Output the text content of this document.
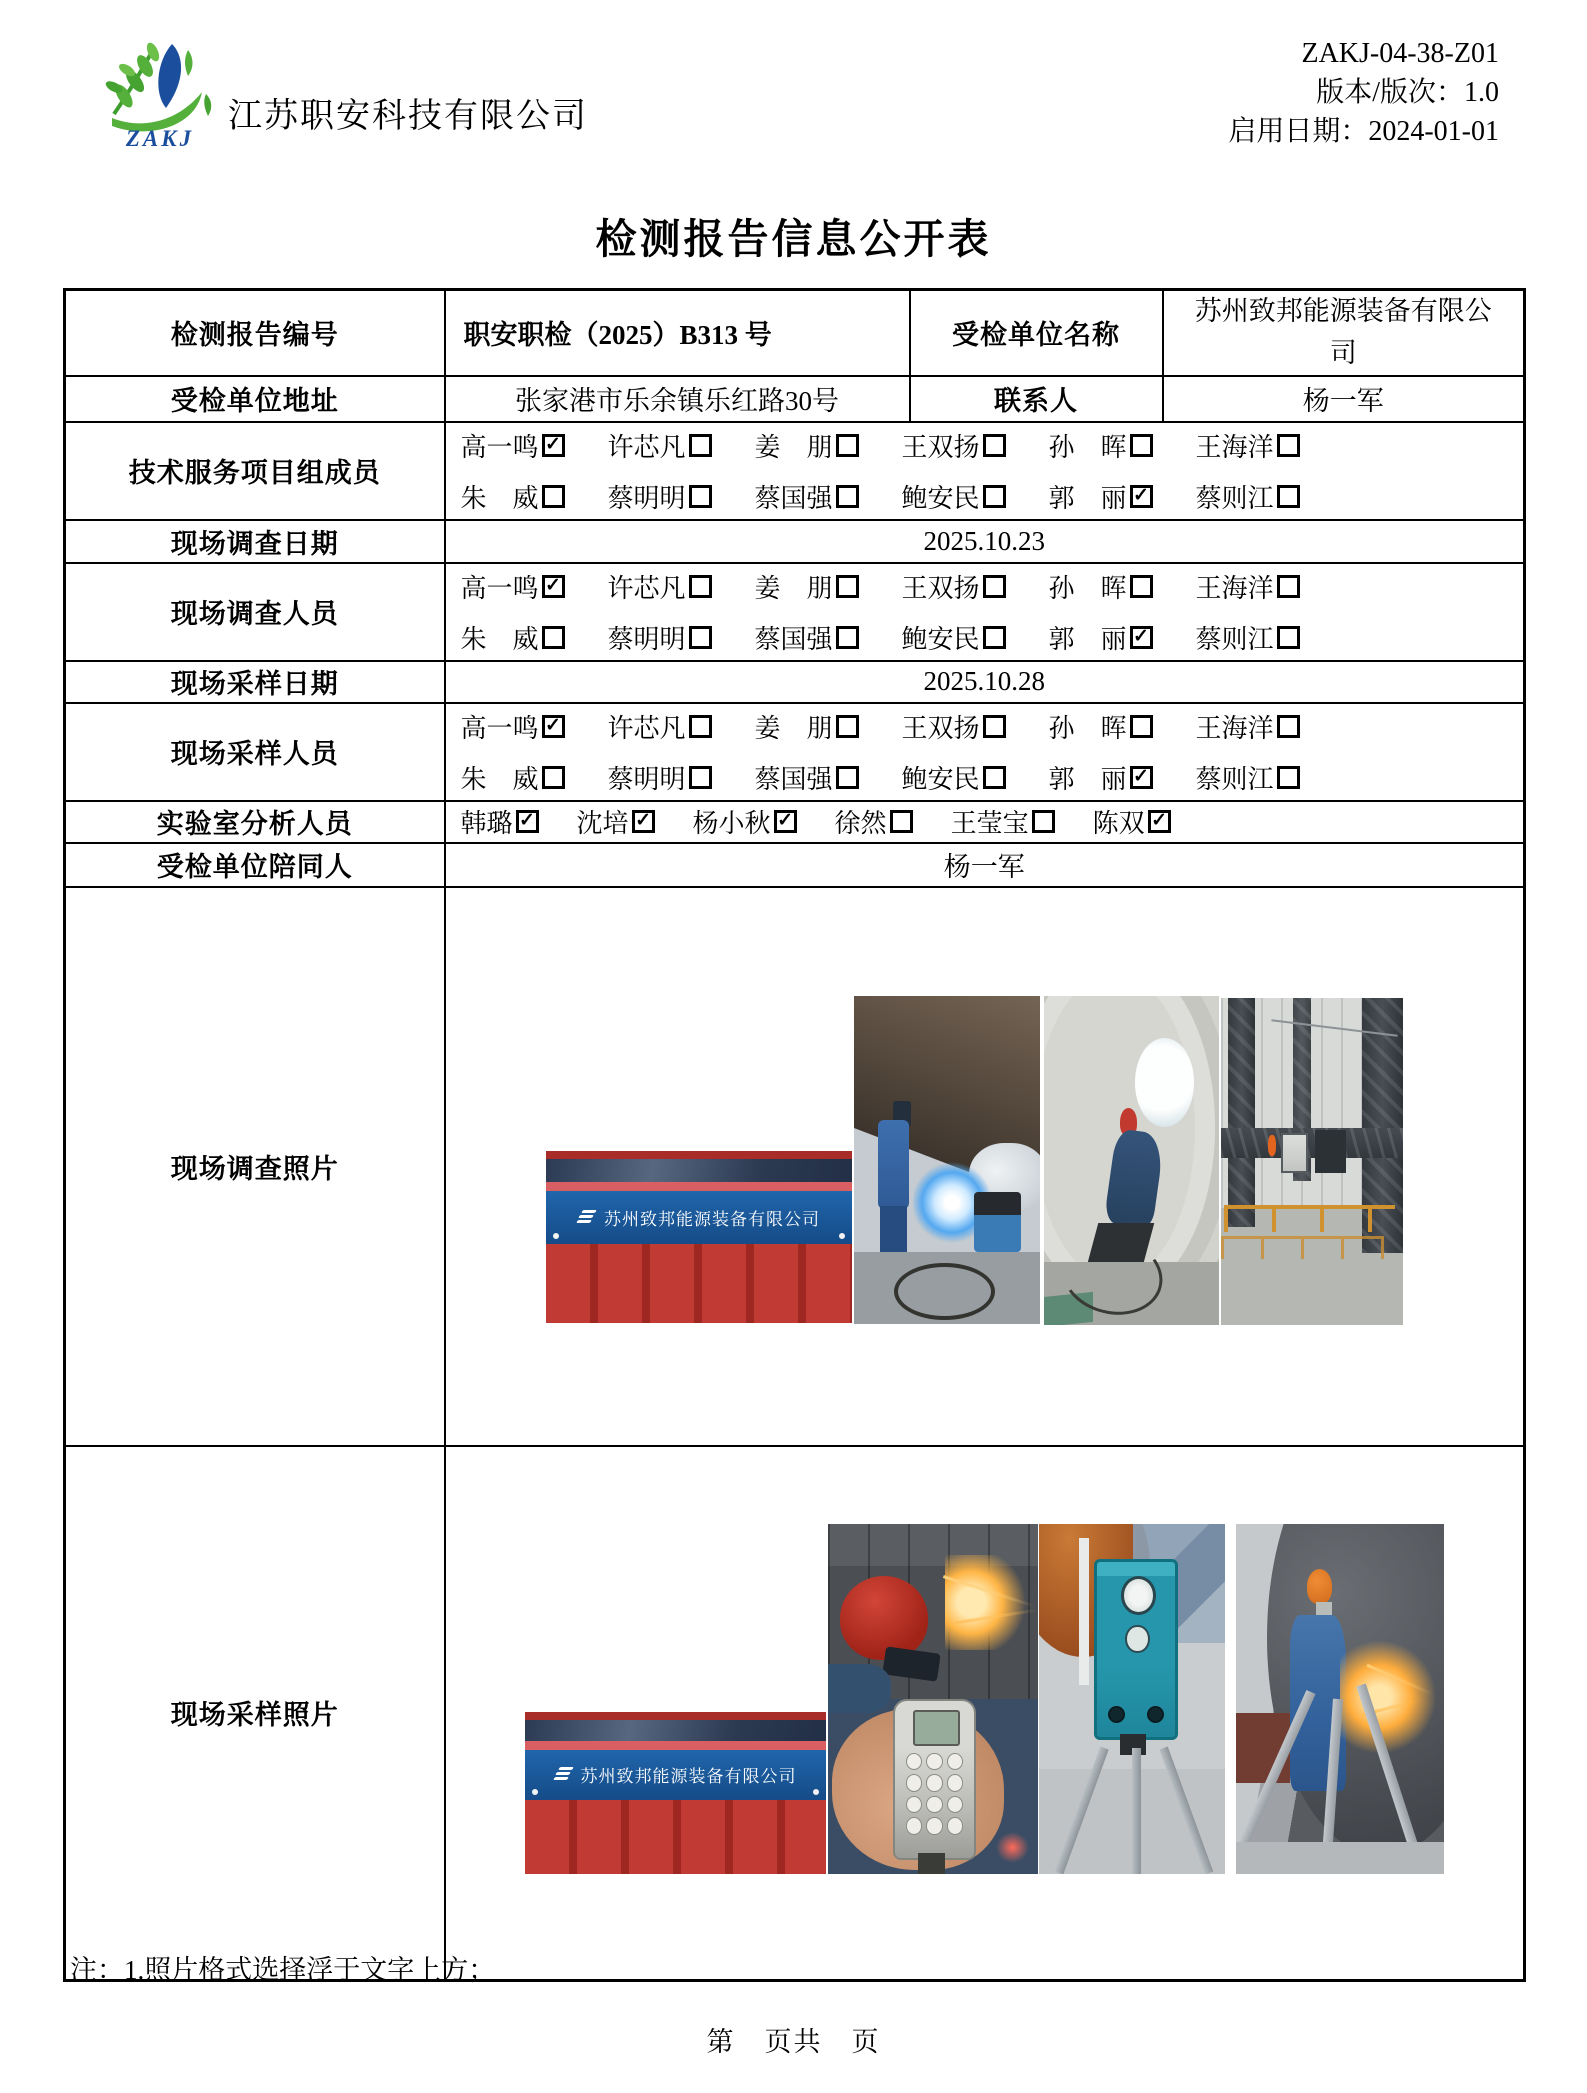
ZAKJ
江苏职安科技有限公司
ZAKJ-04-38-Z01
版本/版次：1.0
启用日期：2024-01-01
检测报告信息公开表
检测报告编号	职安职检（2025）B313 号	受检单位名称	苏州致邦能源装备有限公司
受检单位地址	张家港市乐余镇乐红路30号	联系人	杨一军
技术服务项目组成员	
高一鸣 ✓	许芯凡	姜　朋	王双扬	孙　晖	王海洋
朱　威	蔡明明	蔡国强	鲍安民	郭　丽 ✓	蔡则江

现场调查日期	2025.10.23		
现场调查人员	
高一鸣 ✓	许芯凡	姜　朋	王双扬	孙　晖	王海洋
朱　威	蔡明明	蔡国强	鲍安民	郭　丽 ✓	蔡则江

现场采样日期	2025.10.28		
现场采样人员	
高一鸣 ✓	许芯凡	姜　朋	王双扬	孙　晖	王海洋
朱　威	蔡明明	蔡国强	鲍安民	郭　丽 ✓	蔡则江

实验室分析人员	韩璐 ✓ 沈培 ✓ 杨小秋 ✓ 徐然 王莹宝 陈双
✓

受检单位陪同人	杨一军		
现场调查照片	苏州致邦能源装备有限公司		

现场采样照片	苏州致邦能源装备有限公司		
注：1.照片格式选择浮于文字上方；
第　页共　页
